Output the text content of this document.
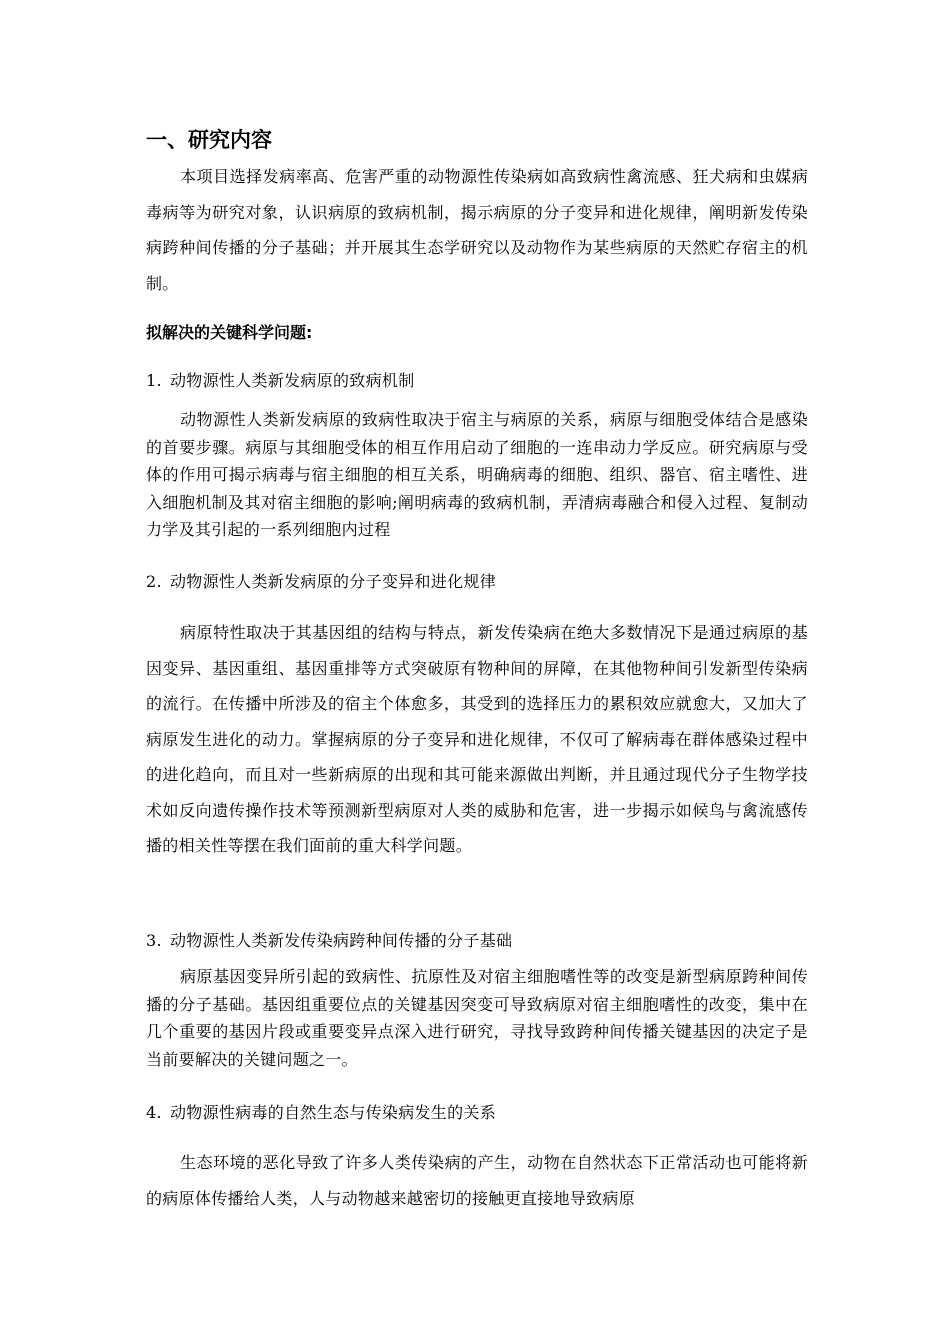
一、研究内容

本项目选择发病率高、危害严重的动物源性传染病如高致病性禽流感、狂犬病和虫媒病毒病等为研究对象，认识病原的致病机制，揭示病原的分子变异和进化规律，阐明新发传染病跨种间传播的分子基础；并开展其生态学研究以及动物作为某些病原的天然贮存宿主的机制。

拟解决的关键科学问题:
1. 动物源性人类新发病原的致病机制

动物源性人类新发病原的致病性取决于宿主与病原的关系，病原与细胞受体结合是感染的首要步骤。病原与其细胞受体的相互作用启动了细胞的一连串动力学反应。研究病原与受体的作用可揭示病毒与宿主细胞的相互关系，明确病毒的细胞、组织、器官、宿主嗜性、进入细胞机制及其对宿主细胞的影响;阐明病毒的致病机制，弄清病毒融合和侵入过程、复制动力学及其引起的一系列细胞内过程

2. 动物源性人类新发病原的分子变异和进化规律

病原特性取决于其基因组的结构与特点，新发传染病在绝大多数情况下是通过病原的基因变异、基因重组、基因重排等方式突破原有物种间的屏障，在其他物种间引发新型传染病的流行。在传播中所涉及的宿主个体愈多，其受到的选择压力的累积效应就愈大，又加大了病原发生进化的动力。掌握病原的分子变异和进化规律，不仅可了解病毒在群体感染过程中的进化趋向，而且对一些新病原的出现和其可能来源做出判断，并且通过现代分子生物学技术如反向遗传操作技术等预测新型病原对人类的威胁和危害，进一步揭示如候鸟与禽流感传播的相关性等摆在我们面前的重大科学问题。

3. 动物源性人类新发传染病跨种间传播的分子基础

病原基因变异所引起的致病性、抗原性及对宿主细胞嗜性等的改变是新型病原跨种间传播的分子基础。基因组重要位点的关键基因突变可导致病原对宿主细胞嗜性的改变，集中在几个重要的基因片段或重要变异点深入进行研究，寻找导致跨种间传播关键基因的决定子是当前要解决的关键问题之一。

4. 动物源性病毒的自然生态与传染病发生的关系

生态环境的恶化导致了许多人类传染病的产生，动物在自然状态下正常活动也可能将新的病原体传播给人类，人与动物越来越密切的接触更直接地导致病原
